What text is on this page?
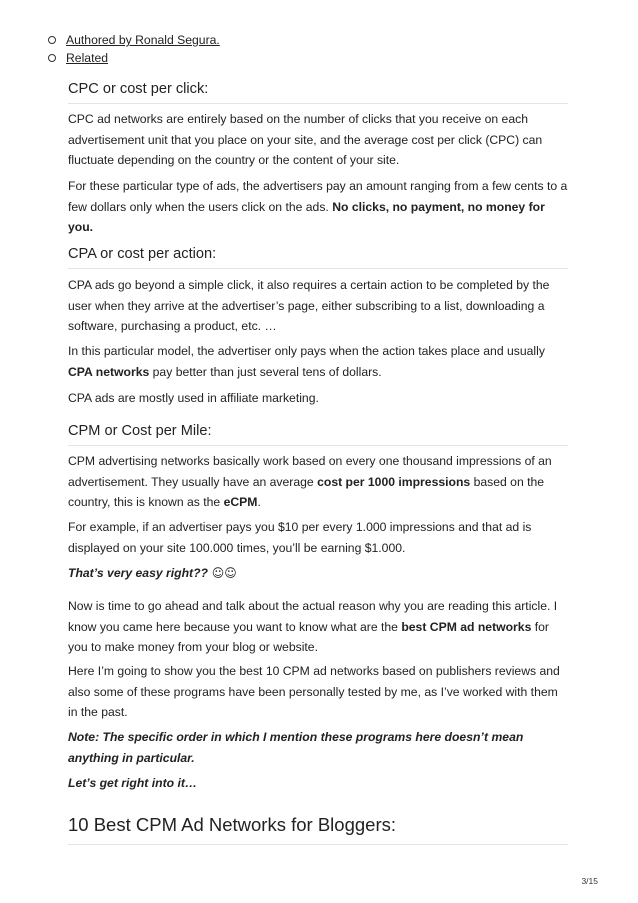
Authored by Ronald Segura.
Related
CPC or cost per click:

CPC ad networks are entirely based on the number of clicks that you receive on each advertisement unit that you place on your site, and the average cost per click (CPC) can fluctuate depending on the country or the content of your site.

For these particular type of ads, the advertisers pay an amount ranging from a few cents to a few dollars only when the users click on the ads. No clicks, no payment, no money for you.

CPA or cost per action:

CPA ads go beyond a simple click, it also requires a certain action to be completed by the user when they arrive at the advertiser’s page, either subscribing to a list, downloading a software, purchasing a product, etc. …

In this particular model, the advertiser only pays when the action takes place and usually CPA networks pay better than just several tens of dollars.

CPA ads are mostly used in affiliate marketing.

CPM or Cost per Mile:

CPM advertising networks basically work based on every one thousand impressions of an advertisement. They usually have an average cost per 1000 impressions based on the country, this is known as the eCPM.

For example, if an advertiser pays you $10 per every 1.000 impressions and that ad is displayed on your site 100.000 times, you’ll be earning $1.000.

That’s very easy right?? ☺☺

Now is time to go ahead and talk about the actual reason why you are reading this article. I know you came here because you want to know what are the best CPM ad networks for you to make money from your blog or website.

Here I’m going to show you the best 10 CPM ad networks based on publishers reviews and also some of these programs have been personally tested by me, as I’ve worked with them in the past.

Note: The specific order in which I mention these programs here doesn’t mean anything in particular.

Let’s get right into it…

10 Best CPM Ad Networks for Bloggers:
3/15
